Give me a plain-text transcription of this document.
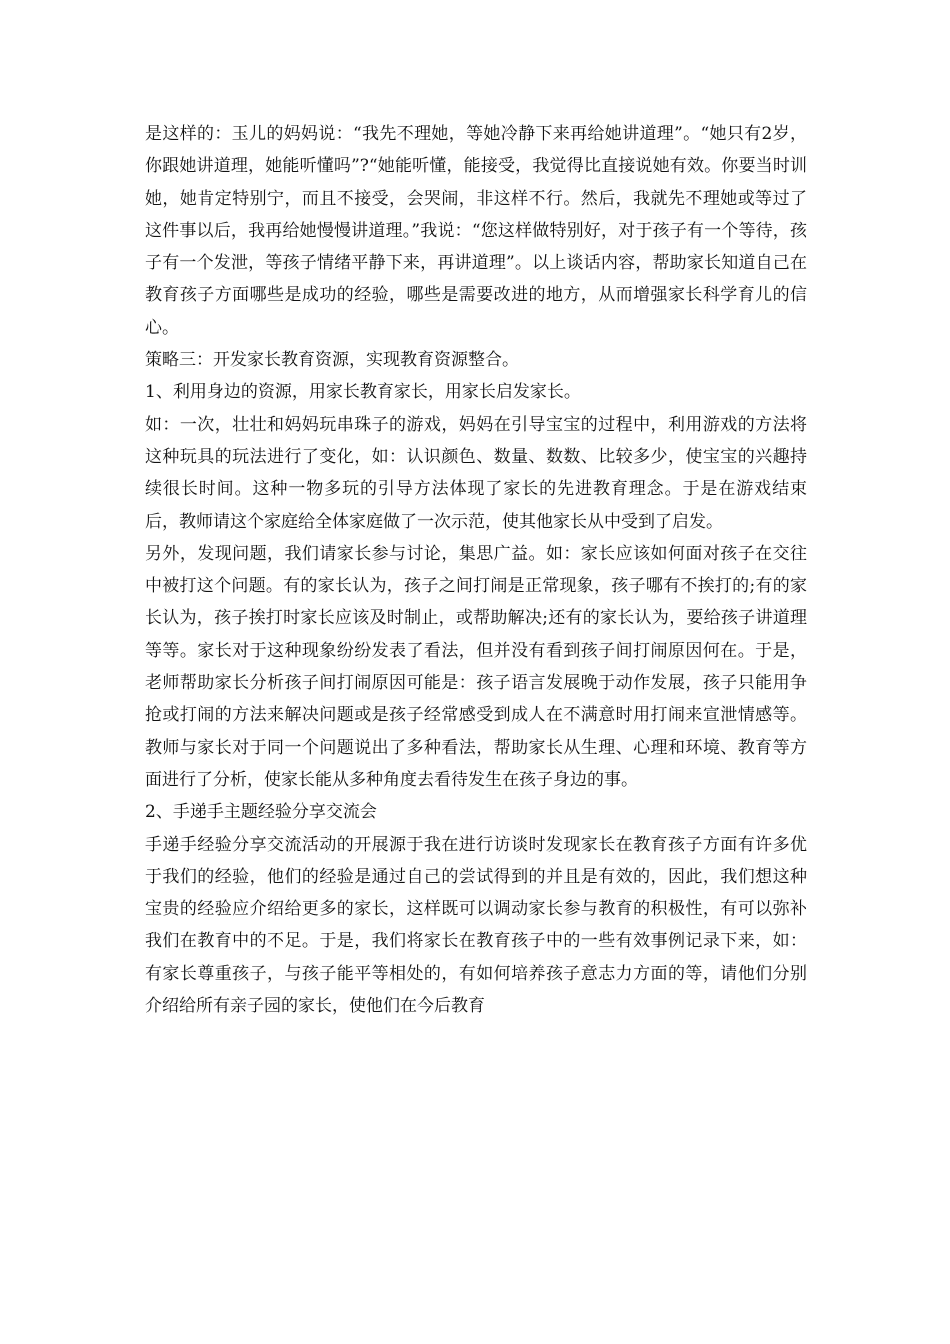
是这样的：玉儿的妈妈说：“我先不理她，等她冷静下来再给她讲道理”。“她只有2岁，你跟她讲道理，她能听懂吗”?“她能听懂，能接受，我觉得比直接说她有效。你要当时训她，她肯定特别宁，而且不接受，会哭闹，非这样不行。然后，我就先不理她或等过了这件事以后，我再给她慢慢讲道理。”我说：“您这样做特别好，对于孩子有一个等待，孩子有一个发泄，等孩子情绪平静下来，再讲道理”。以上谈话内容，帮助家长知道自己在教育孩子方面哪些是成功的经验，哪些是需要改进的地方，从而增强家长科学育儿的信心。

策略三：开发家长教育资源，实现教育资源整合。

1、利用身边的资源，用家长教育家长，用家长启发家长。

如：一次，壮壮和妈妈玩串珠子的游戏，妈妈在引导宝宝的过程中，利用游戏的方法将这种玩具的玩法进行了变化，如：认识颜色、数量、数数、比较多少，使宝宝的兴趣持续很长时间。这种一物多玩的引导方法体现了家长的先进教育理念。于是在游戏结束后，教师请这个家庭给全体家庭做了一次示范，使其他家长从中受到了启发。

另外，发现问题，我们请家长参与讨论，集思广益。如：家长应该如何面对孩子在交往中被打这个问题。有的家长认为，孩子之间打闹是正常现象，孩子哪有不挨打的;有的家长认为，孩子挨打时家长应该及时制止，或帮助解决;还有的家长认为，要给孩子讲道理等等。家长对于这种现象纷纷发表了看法，但并没有看到孩子间打闹原因何在。于是，老师帮助家长分析孩子间打闹原因可能是：孩子语言发展晚于动作发展，孩子只能用争抢或打闹的方法来解决问题或是孩子经常感受到成人在不满意时用打闹来宣泄情感等。教师与家长对于同一个问题说出了多种看法，帮助家长从生理、心理和环境、教育等方面进行了分析，使家长能从多种角度去看待发生在孩子身边的事。

2、手递手主题经验分享交流会

手递手经验分享交流活动的开展源于我在进行访谈时发现家长在教育孩子方面有许多优于我们的经验，他们的经验是通过自己的尝试得到的并且是有效的，因此，我们想这种宝贵的经验应介绍给更多的家长，这样既可以调动家长参与教育的积极性，有可以弥补我们在教育中的不足。于是，我们将家长在教育孩子中的一些有效事例记录下来，如：有家长尊重孩子，与孩子能平等相处的，有如何培养孩子意志力方面的等，请他们分别介绍给所有亲子园的家长，使他们在今后教育
